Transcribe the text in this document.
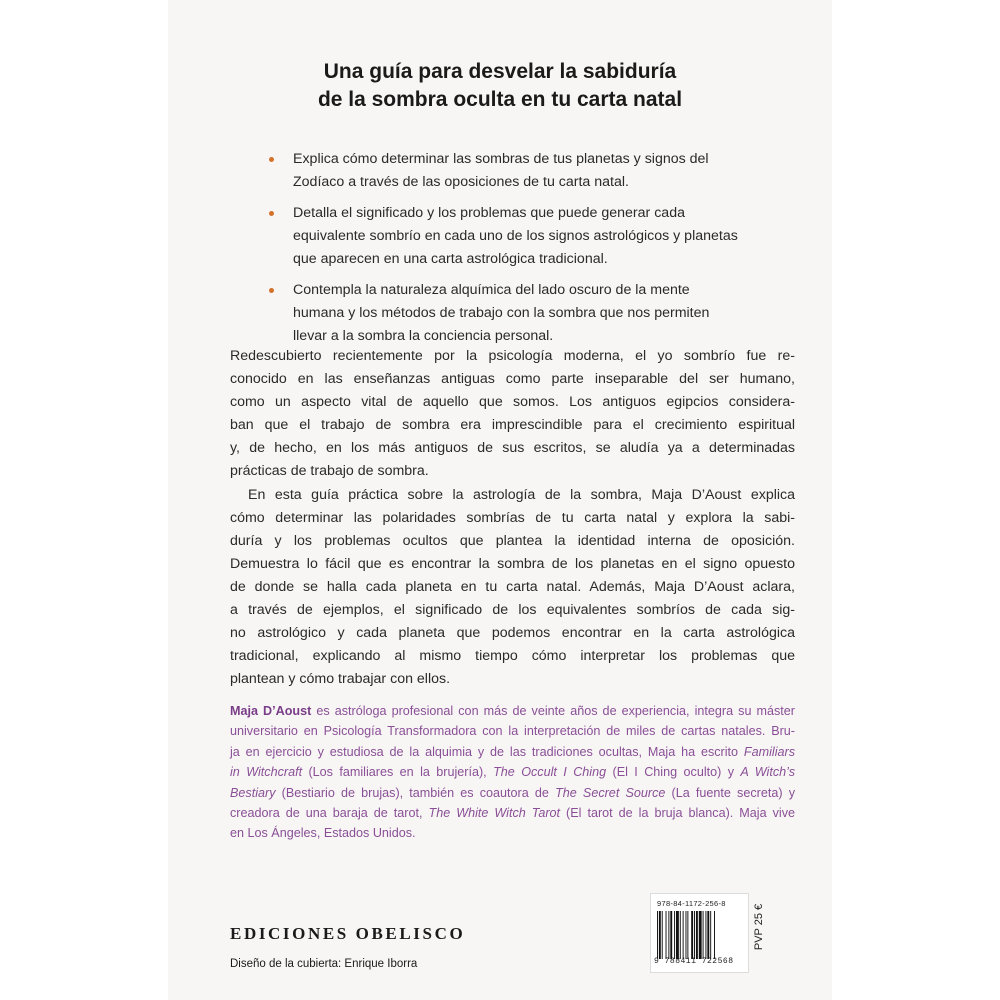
Una guía para desvelar la sabiduría
de la sombra oculta en tu carta natal
Explica cómo determinar las sombras de tus planetas y signos del
Zodíaco a través de las oposiciones de tu carta natal.
Detalla el significado y los problemas que puede generar cada
equivalente sombrío en cada uno de los signos astrológicos y planetas
que aparecen en una carta astrológica tradicional.
Contempla la naturaleza alquímica del lado oscuro de la mente
humana y los métodos de trabajo con la sombra que nos permiten
llevar a la sombra la conciencia personal.

Redescubierto recientemente por la psicología moderna, el yo sombrío fue re-
conocido en las enseñanzas antiguas como parte inseparable del ser humano,
como un aspecto vital de aquello que somos. Los antiguos egipcios considera-
ban que el trabajo de sombra era imprescindible para el crecimiento espiritual
y, de hecho, en los más antiguos de sus escritos, se aludía ya a determinadas
prácticas de trabajo de sombra.

En esta guía práctica sobre la astrología de la sombra, Maja D’Aoust explica
cómo determinar las polaridades sombrías de tu carta natal y explora la sabi-
duría y los problemas ocultos que plantea la identidad interna de oposición.
Demuestra lo fácil que es encontrar la sombra de los planetas en el signo opuesto
de donde se halla cada planeta en tu carta natal. Además, Maja D’Aoust aclara,
a través de ejemplos, el significado de los equivalentes sombríos de cada sig-
no astrológico y cada planeta que podemos encontrar en la carta astrológica
tradicional, explicando al mismo tiempo cómo interpretar los problemas que
plantean y cómo trabajar con ellos.

Maja D’Aoust es astróloga profesional con más de veinte años de experiencia, integra su máster
universitario en Psicología Transformadora con la interpretación de miles de cartas natales. Bru-
ja en ejercicio y estudiosa de la alquimia y de las tradiciones ocultas, Maja ha escrito Familiars
in Witchcraft (Los familiares en la brujería), The Occult I Ching (El I Ching oculto) y A Witch’s
Bestiary (Bestiario de brujas), también es coautora de The Secret Source (La fuente secreta) y
creadora de una baraja de tarot, The White Witch Tarot (El tarot de la bruja blanca). Maja vive
en Los Ángeles, Estados Unidos.
978-84-1172-256-8
9 788411 722568
PVP 25 €
EDICIONES OBELISCO
Diseño de la cubierta: Enrique Iborra
